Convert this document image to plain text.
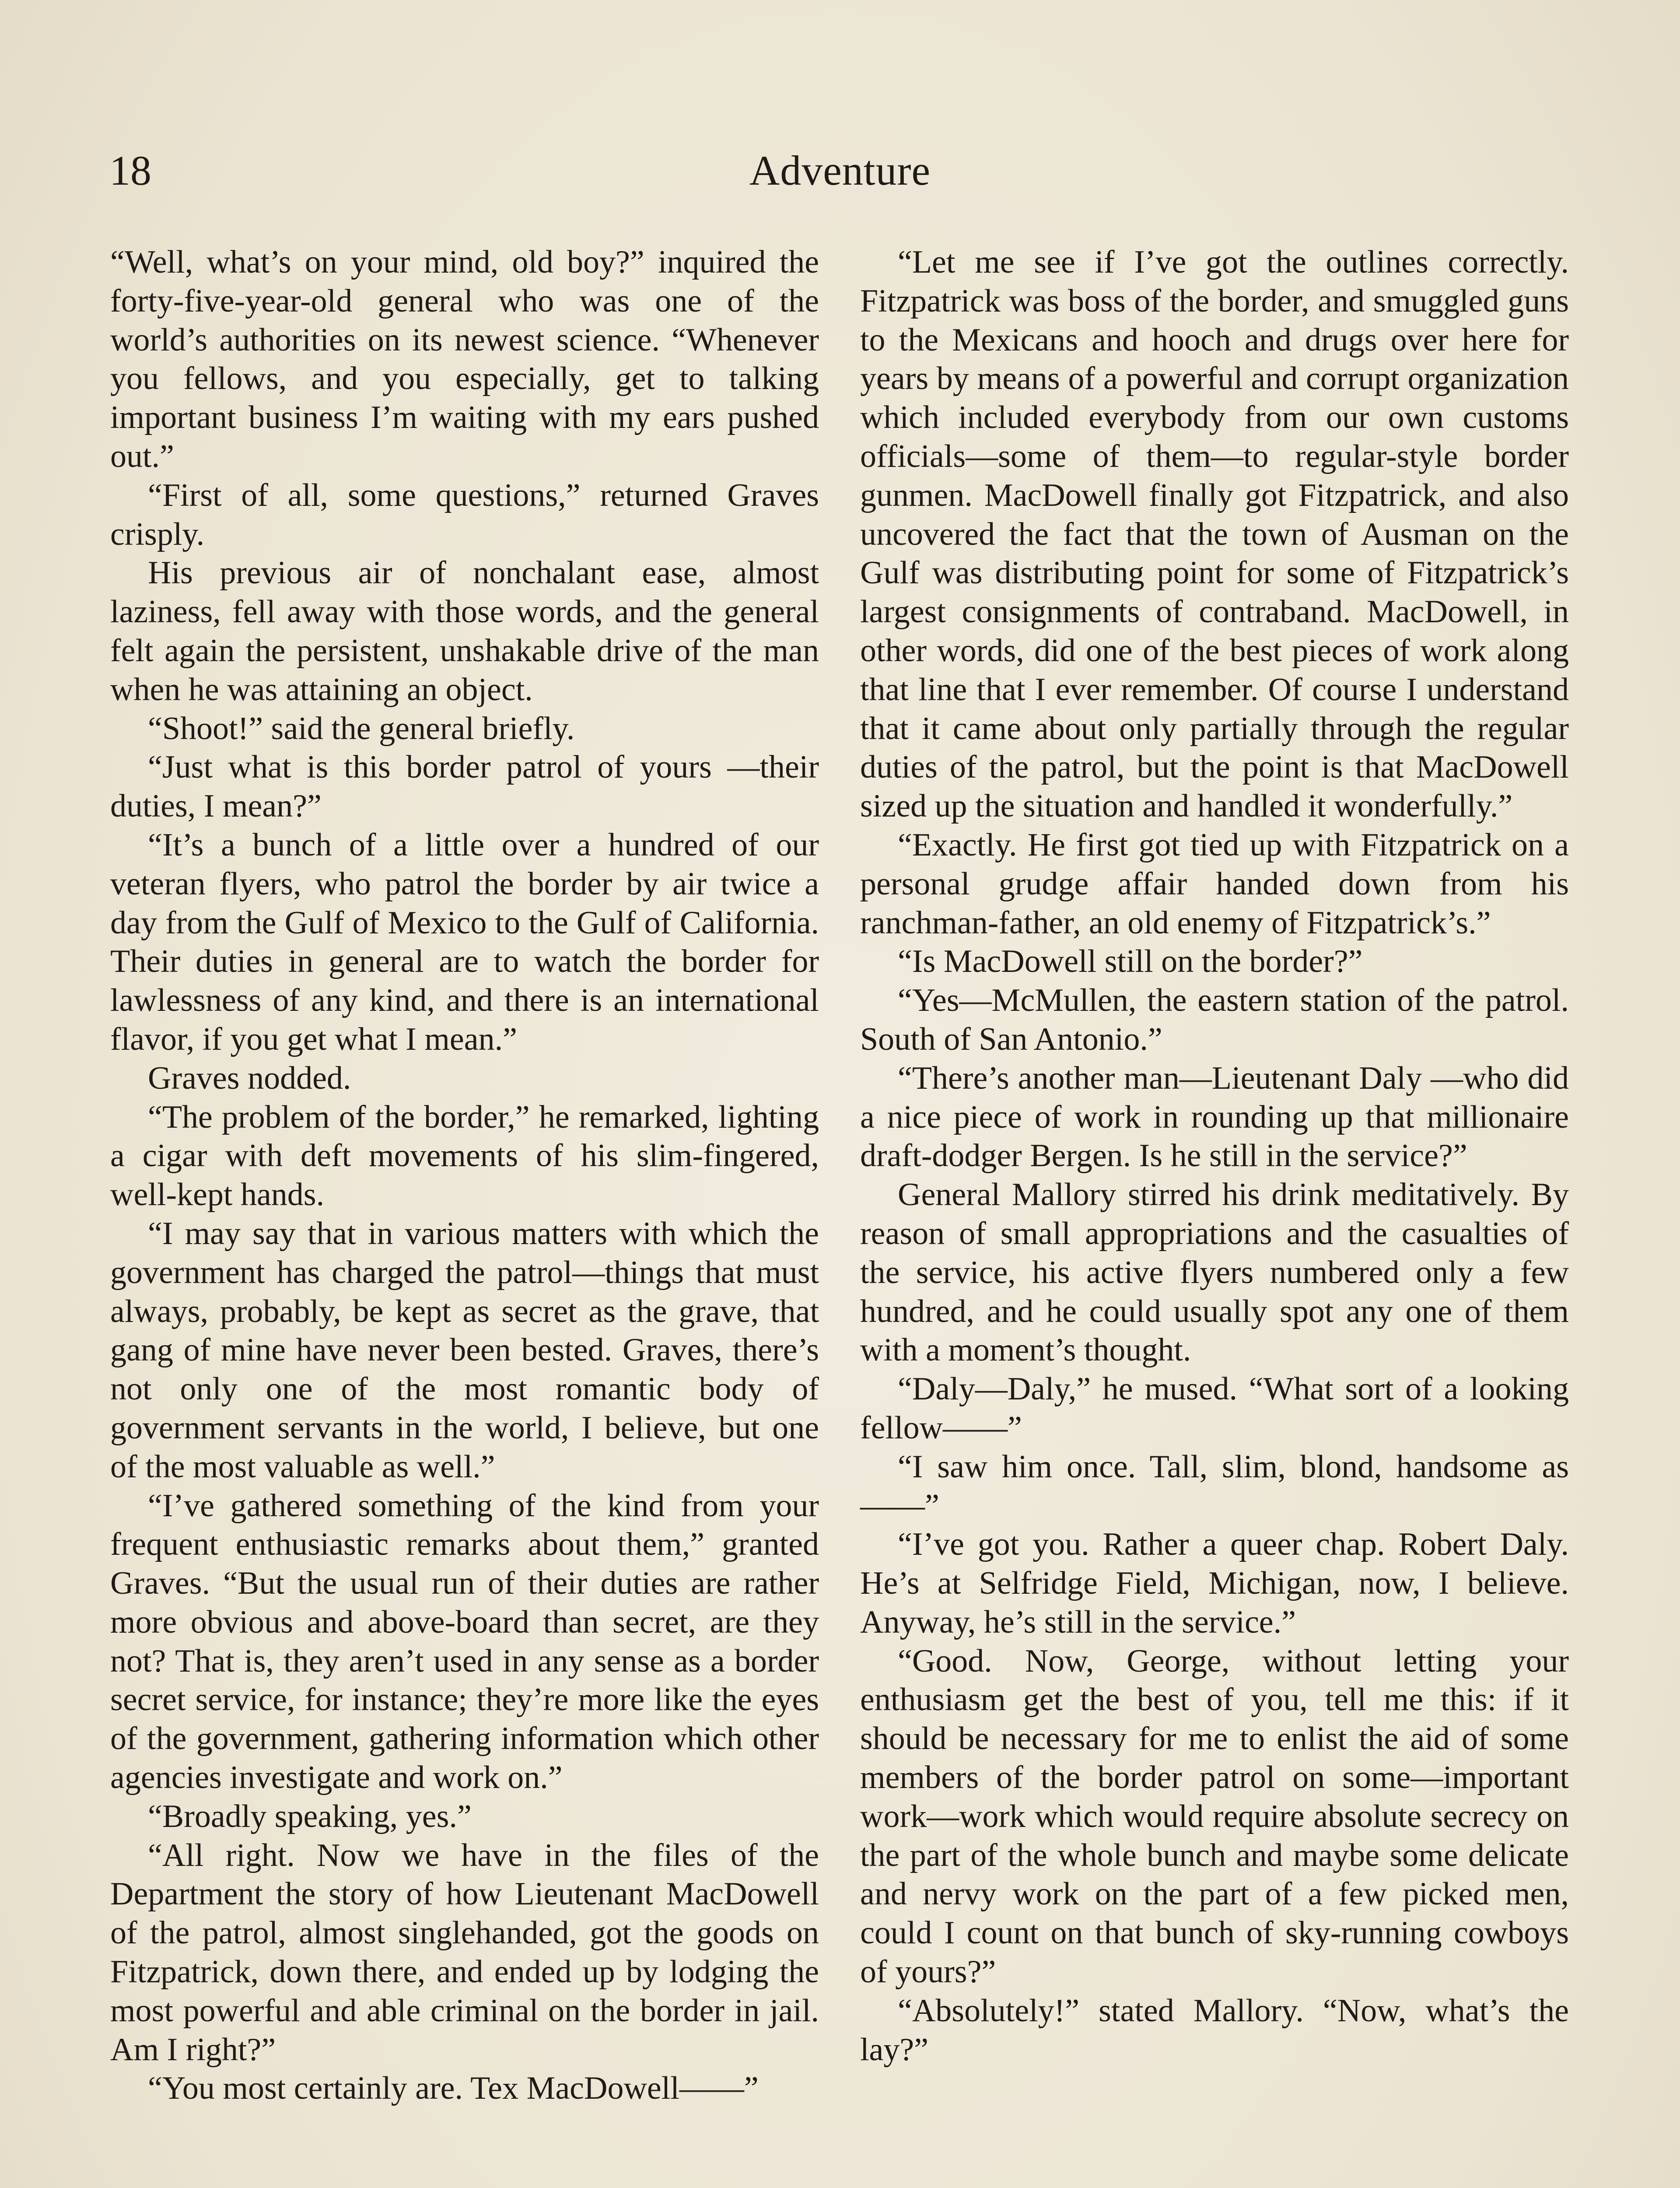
18	Adventure

“Well, what’s on your mind, old boy?” inquired the forty-five-year-old general who was one of the world’s authorities on its newest science. “Whenever you fellows, and you especially, get to talking important business I’m waiting with my ears pushed out.”

“First of all, some questions,” returned Graves crisply.

His previous air of nonchalant ease, almost laziness, fell away with those words, and the general felt again the persistent, unshakable drive of the man when he was attaining an object.

“Shoot!” said the general briefly.

“Just what is this border patrol of yours —their duties, I mean?”

“It’s a bunch of a little over a hundred of our veteran flyers, who patrol the border by air twice a day from the Gulf of Mexico to the Gulf of California. Their duties in general are to watch the border for lawlessness of any kind, and there is an international flavor, if you get what I mean.”

Graves nodded.

“The problem of the border,” he remarked, lighting a cigar with deft movements of his slim-fingered, well-kept hands.

“I may say that in various matters with which the government has charged the patrol—things that must always, probably, be kept as secret as the grave, that gang of mine have never been bested. Graves, there’s not only one of the most romantic body of government servants in the world, I believe, but one of the most valuable as well.”

“I’ve gathered something of the kind from your frequent enthusiastic remarks about them,” granted Graves. “But the usual run of their duties are rather more obvious and above-board than secret, are they not? That is, they aren’t used in any sense as a border secret service, for instance; they’re more like the eyes of the government, gathering information which other agencies investigate and work on.”

“Broadly speaking, yes.”

“All right. Now we have in the files of the Department the story of how Lieutenant MacDowell of the patrol, almost singlehanded, got the goods on Fitzpatrick, down there, and ended up by lodging the most powerful and able criminal on the border in jail. Am I right?”

“You most certainly are. Tex MacDowell——”

“Let me see if I’ve got the outlines correctly. Fitzpatrick was boss of the border, and smuggled guns to the Mexicans and hooch and drugs over here for years by means of a powerful and corrupt organization which included everybody from our own customs officials—some of them—to regular-style border gunmen. MacDowell finally got Fitzpatrick, and also uncovered the fact that the town of Ausman on the Gulf was distributing point for some of Fitzpatrick’s largest consignments of contraband. MacDowell, in other words, did one of the best pieces of work along that line that I ever remember. Of course I understand that it came about only partially through the regular duties of the patrol, but the point is that MacDowell sized up the situation and handled it wonderfully.”

“Exactly. He first got tied up with Fitzpatrick on a personal grudge affair handed down from his ranchman-father, an old enemy of Fitzpatrick’s.”

“Is MacDowell still on the border?”

“Yes—McMullen, the eastern station of the patrol. South of San Antonio.”

“There’s another man—Lieutenant Daly —who did a nice piece of work in rounding up that millionaire draft-dodger Bergen. Is he still in the service?”

General Mallory stirred his drink meditatively. By reason of small appropriations and the casualties of the service, his active flyers numbered only a few hundred, and he could usually spot any one of them with a moment’s thought.

“Daly—Daly,” he mused. “What sort of a looking fellow——”

“I saw him once. Tall, slim, blond, handsome as ——”

“I’ve got you. Rather a queer chap. Robert Daly. He’s at Selfridge Field, Michigan, now, I believe. Anyway, he’s still in the service.”

“Good. Now, George, without letting your enthusiasm get the best of you, tell me this: if it should be necessary for me to enlist the aid of some members of the border patrol on some—important work—work which would require absolute secrecy on the part of the whole bunch and maybe some delicate and nervy work on the part of a few picked men, could I count on that bunch of sky-running cowboys of yours?”

“Absolutely!” stated Mallory. “Now, what’s the lay?”
